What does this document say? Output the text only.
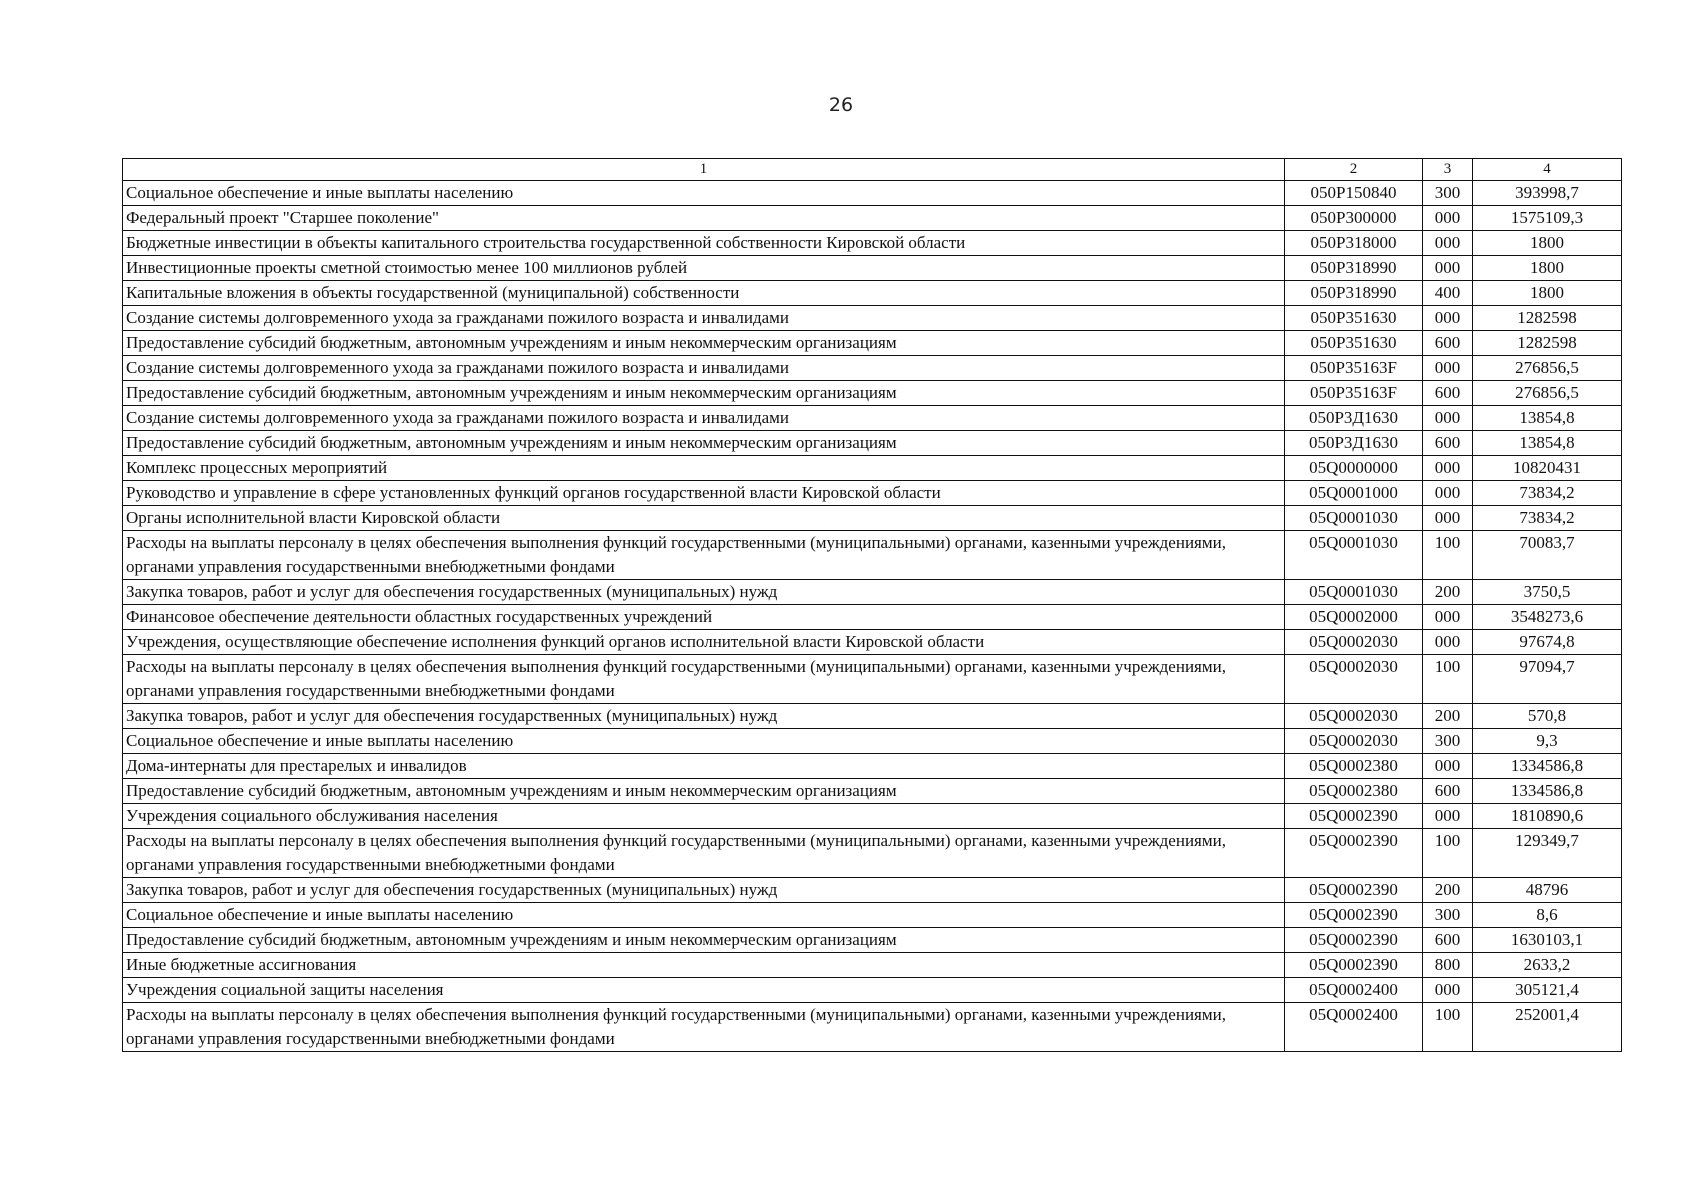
26
1	2	3	4
Социальное обеспечение и иные выплаты населению	050P150840	300	393998,7
Федеральный проект "Старшее поколение"	050P300000	000	1575109,3
Бюджетные инвестиции в объекты капитального строительства государственной собственности Кировской области	050P318000	000	1800
Инвестиционные проекты сметной стоимостью менее 100 миллионов рублей	050P318990	000	1800
Капитальные вложения в объекты государственной (муниципальной) собственности	050P318990	400	1800
Создание системы долговременного ухода за гражданами пожилого возраста и инвалидами	050P351630	000	1282598
Предоставление субсидий бюджетным, автономным учреждениям и иным некоммерческим организациям	050P351630	600	1282598
Создание системы долговременного ухода за гражданами пожилого возраста и инвалидами	050P35163F	000	276856,5
Предоставление субсидий бюджетным, автономным учреждениям и иным некоммерческим организациям	050P35163F	600	276856,5
Создание системы долговременного ухода за гражданами пожилого возраста и инвалидами	050P3Д1630	000	13854,8
Предоставление субсидий бюджетным, автономным учреждениям и иным некоммерческим организациям	050P3Д1630	600	13854,8
Комплекс процессных мероприятий	05Q0000000	000	10820431
Руководство и управление в сфере установленных функций органов государственной власти Кировской области	05Q0001000	000	73834,2
Органы исполнительной власти Кировской области	05Q0001030	000	73834,2
Расходы на выплаты персоналу в целях обеспечения выполнения функций государственными (муниципальными) органами, казенными учреждениями, органами управления государственными внебюджетными фондами	05Q0001030	100	70083,7
Закупка товаров, работ и услуг для обеспечения государственных (муниципальных) нужд	05Q0001030	200	3750,5
Финансовое обеспечение деятельности областных государственных учреждений	05Q0002000	000	3548273,6
Учреждения, осуществляющие обеспечение исполнения функций органов исполнительной власти Кировской области	05Q0002030	000	97674,8
Расходы на выплаты персоналу в целях обеспечения выполнения функций государственными (муниципальными) органами, казенными учреждениями, органами управления государственными внебюджетными фондами	05Q0002030	100	97094,7
Закупка товаров, работ и услуг для обеспечения государственных (муниципальных) нужд	05Q0002030	200	570,8
Социальное обеспечение и иные выплаты населению	05Q0002030	300	9,3
Дома-интернаты для престарелых и инвалидов	05Q0002380	000	1334586,8
Предоставление субсидий бюджетным, автономным учреждениям и иным некоммерческим организациям	05Q0002380	600	1334586,8
Учреждения социального обслуживания населения	05Q0002390	000	1810890,6
Расходы на выплаты персоналу в целях обеспечения выполнения функций государственными (муниципальными) органами, казенными учреждениями, органами управления государственными внебюджетными фондами	05Q0002390	100	129349,7
Закупка товаров, работ и услуг для обеспечения государственных (муниципальных) нужд	05Q0002390	200	48796
Социальное обеспечение и иные выплаты населению	05Q0002390	300	8,6
Предоставление субсидий бюджетным, автономным учреждениям и иным некоммерческим организациям	05Q0002390	600	1630103,1
Иные бюджетные ассигнования	05Q0002390	800	2633,2
Учреждения социальной защиты населения	05Q0002400	000	305121,4
Расходы на выплаты персоналу в целях обеспечения выполнения функций государственными (муниципальными) органами, казенными учреждениями, органами управления государственными внебюджетными фондами	05Q0002400	100	252001,4
